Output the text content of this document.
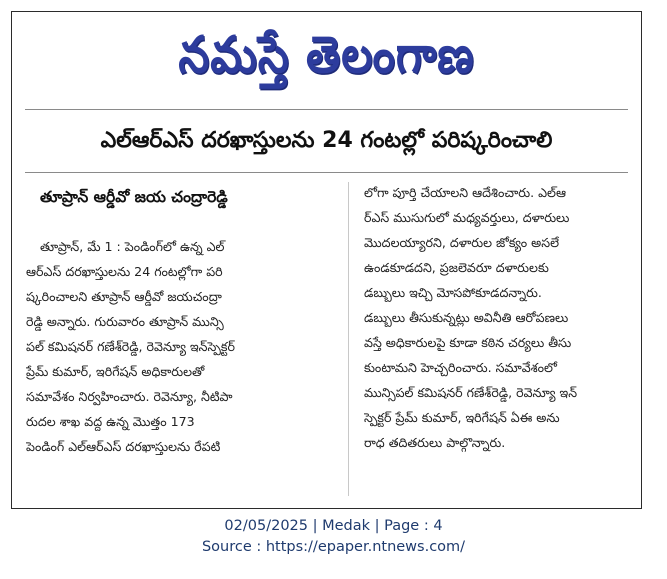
నమస్తే తెలంగాణ
ఎల్ఆర్ఎస్ దరఖాస్తులను 24 గంటల్లో పరిష్కరించాలి
తూప్రాన్ ఆర్డీవో జయ చంద్రారెడ్డి
తూప్రాన్, మే 1 : పెండింగ్‌లో ఉన్న ఎల్
ఆర్ఎస్ దరఖాస్తులను 24 గంటల్లోగా పరి
ష్కరించాలని తూప్రాన్ ఆర్డీవో జయచంద్రా
రెడ్డి అన్నారు. గురువారం తూప్రాన్ మున్సి
పల్ కమిషనర్ గణేశ్‌రెడ్డి, రెవెన్యూ ఇన్‌స్పెక్టర్
ప్రేమ్ కుమార్, ఇరిగేషన్ అధికారులతో
సమావేశం నిర్వహించారు. రెవెన్యూ, నీటిపా
రుదల శాఖ వద్ద ఉన్న మొత్తం 173
పెండింగ్ ఎల్ఆర్ఎస్ దరఖాస్తులను రేపటి
లోగా పూర్తి చేయాలని ఆదేశించారు. ఎల్ఆ
ర్ఎస్ ముసుగులో మధ్యవర్తులు, దళారులు
మొదలయ్యారని, దళారుల జోక్యం అసలే
ఉండకూడదని, ప్రజలెవరూ దళారులకు
డబ్బులు ఇచ్చి మోసపోకూడదన్నారు.
డబ్బులు తీసుకున్నట్లు అవినీతి ఆరోపణలు
వస్తే అధికారులపై కూడా కఠిన చర్యలు తీసు
కుంటామని హెచ్చరించారు. సమావేశంలో
మున్సిపల్ కమిషనర్ గణేశ్‌రెడ్డి, రెవెన్యూ ఇన్
స్పెక్టర్ ప్రేమ్ కుమార్, ఇరిగేషన్ ఏఈ అను
రాధ తదితరులు పాల్గొన్నారు.
02/05/2025 | Medak | Page : 4
Source : https://epaper.ntnews.com/
